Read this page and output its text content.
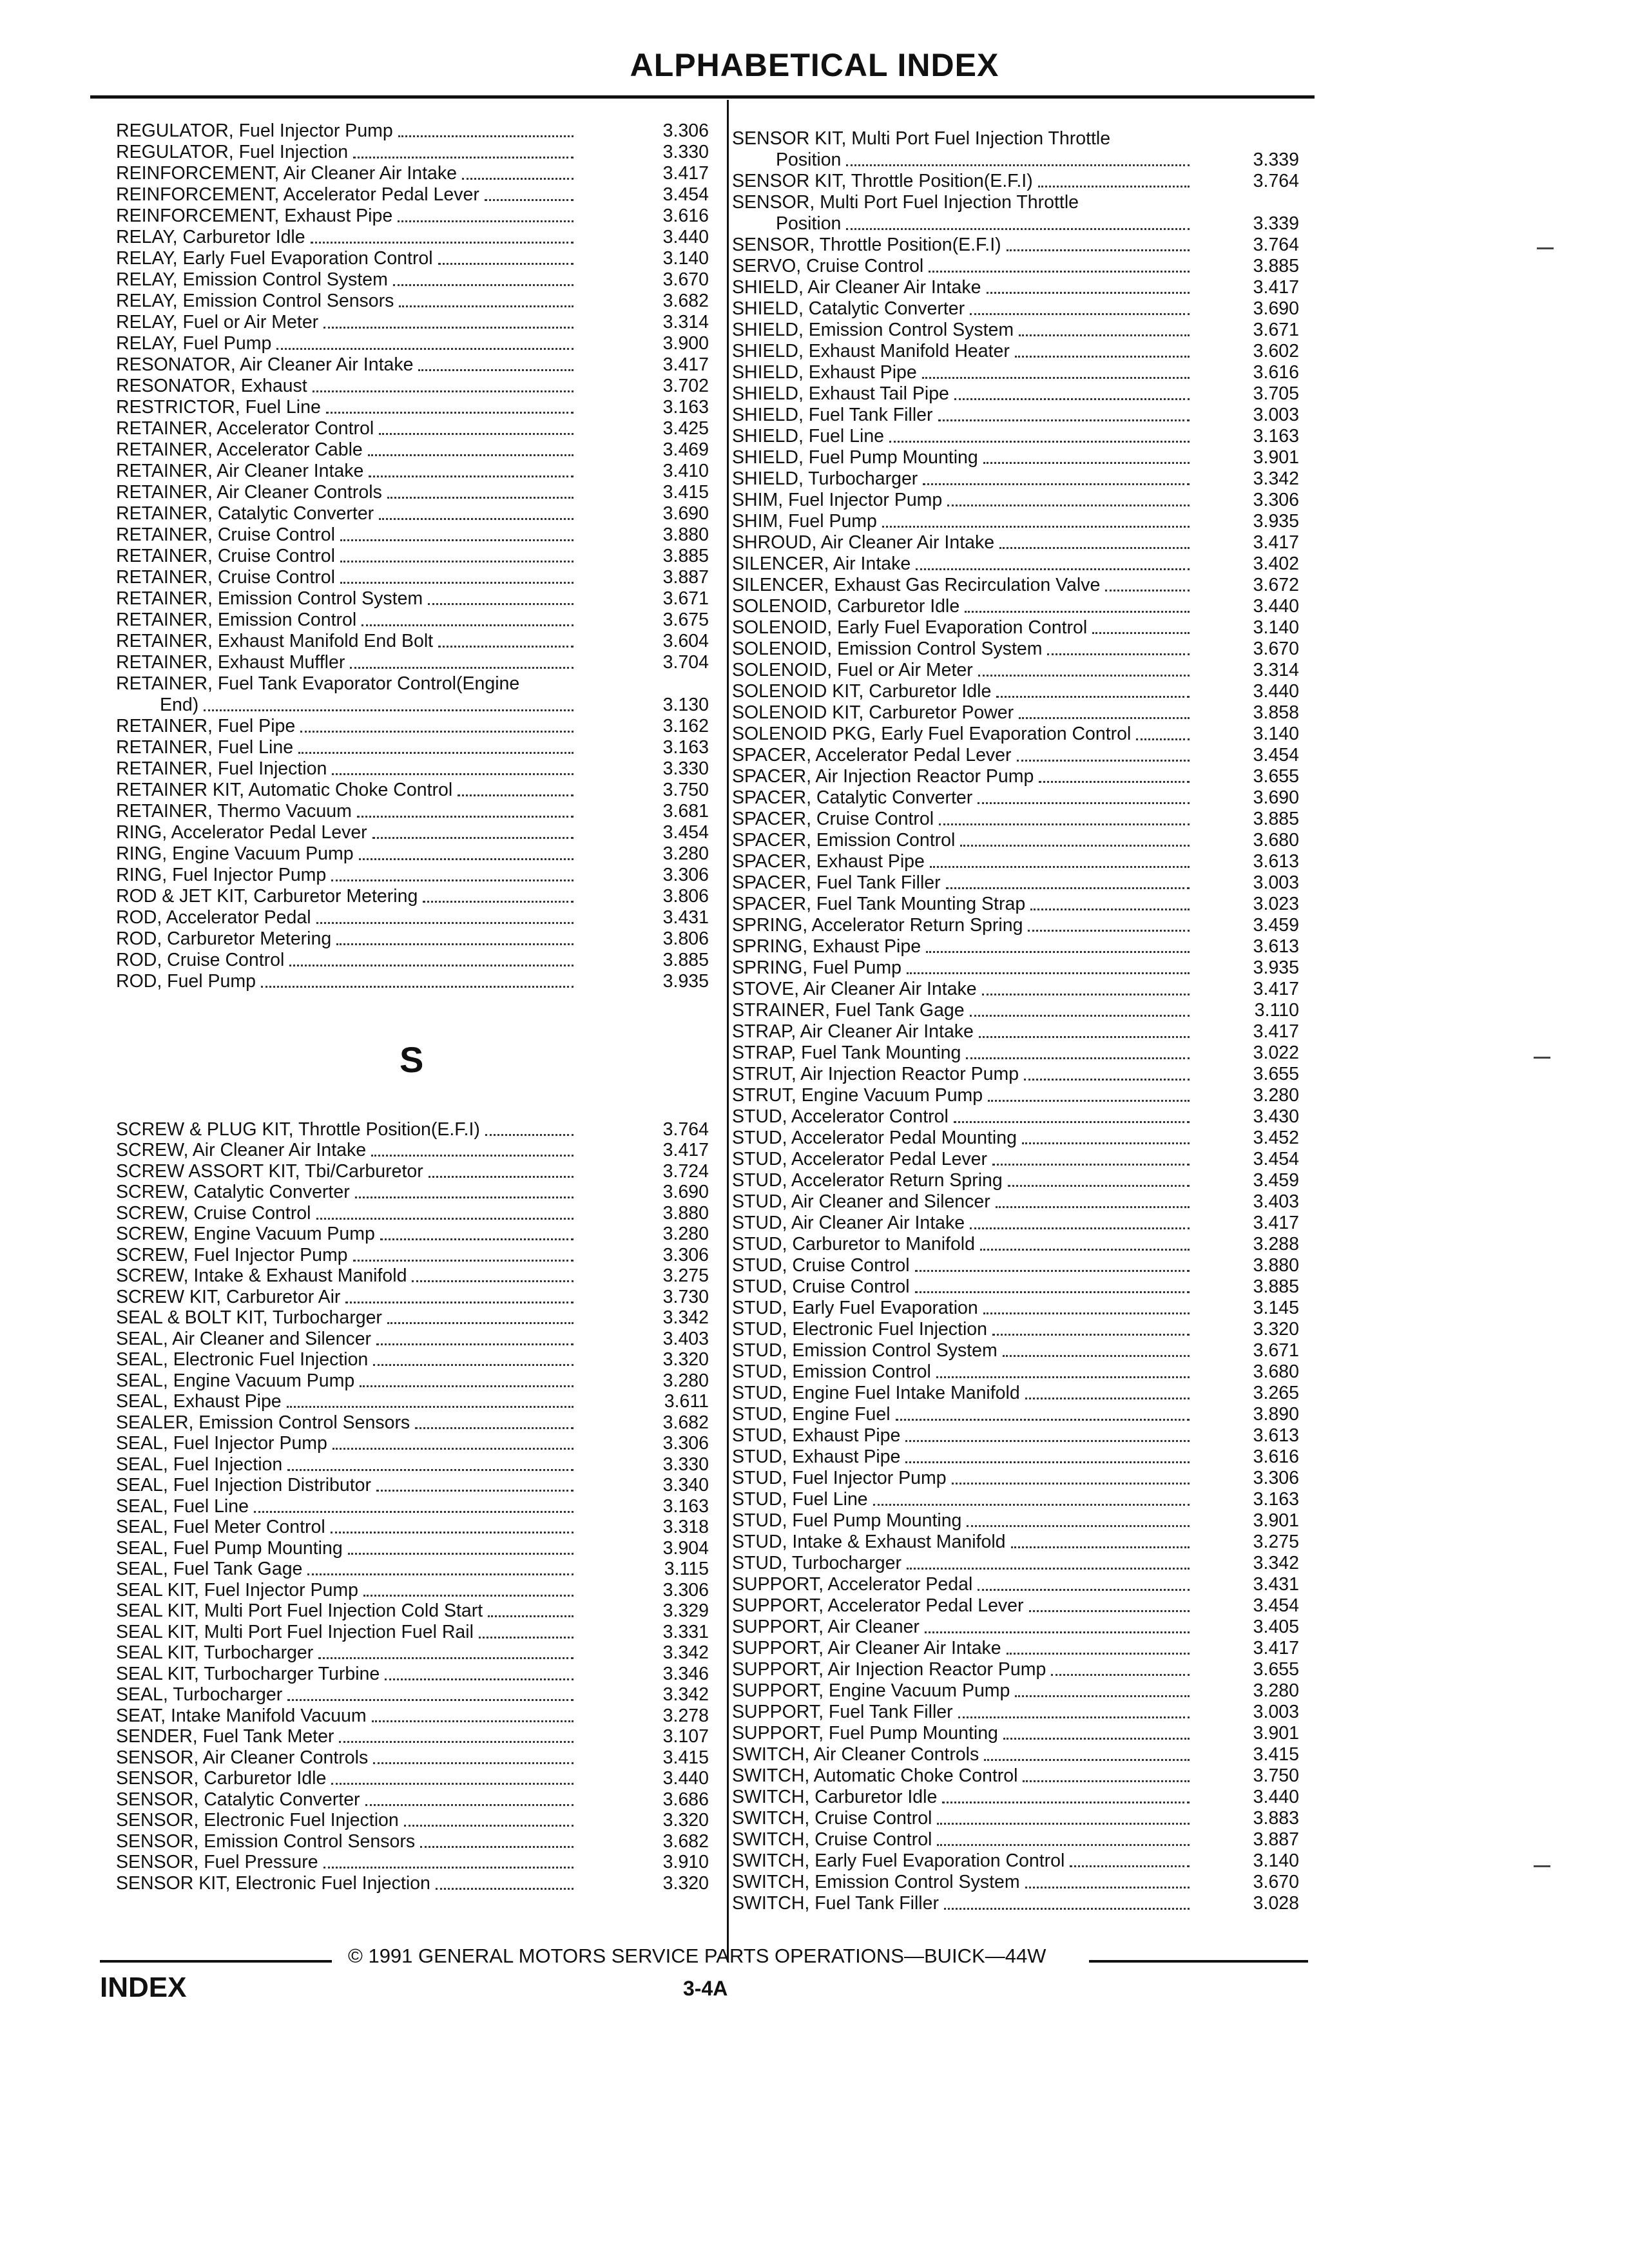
ALPHABETICAL INDEX
REGULATOR, Fuel Injector Pump	3.306
REGULATOR, Fuel Injection	3.330
REINFORCEMENT, Air Cleaner Air Intake	3.417
REINFORCEMENT, Accelerator Pedal Lever	3.454
REINFORCEMENT, Exhaust Pipe	3.616
RELAY, Carburetor Idle	3.440
RELAY, Early Fuel Evaporation Control	3.140
RELAY, Emission Control System	3.670
RELAY, Emission Control Sensors	3.682
RELAY, Fuel or Air Meter	3.314
RELAY, Fuel Pump	3.900
RESONATOR, Air Cleaner Air Intake	3.417
RESONATOR, Exhaust	3.702
RESTRICTOR, Fuel Line	3.163
RETAINER, Accelerator Control	3.425
RETAINER, Accelerator Cable	3.469
RETAINER, Air Cleaner Intake	3.410
RETAINER, Air Cleaner Controls	3.415
RETAINER, Catalytic Converter	3.690
RETAINER, Cruise Control	3.880
RETAINER, Cruise Control	3.885
RETAINER, Cruise Control	3.887
RETAINER, Emission Control System	3.671
RETAINER, Emission Control	3.675
RETAINER, Exhaust Manifold End Bolt	3.604
RETAINER, Exhaust Muffler	3.704
RETAINER, Fuel Tank Evaporator Control(Engine
End)	3.130
RETAINER, Fuel Pipe	3.162
RETAINER, Fuel Line	3.163
RETAINER, Fuel Injection	3.330
RETAINER KIT, Automatic Choke Control	3.750
RETAINER, Thermo Vacuum	3.681
RING, Accelerator Pedal Lever	3.454
RING, Engine Vacuum Pump	3.280
RING, Fuel Injector Pump	3.306
ROD & JET KIT, Carburetor Metering	3.806
ROD, Accelerator Pedal	3.431
ROD, Carburetor Metering	3.806
ROD, Cruise Control	3.885
ROD, Fuel Pump	3.935
S
SCREW & PLUG KIT, Throttle Position(E.F.I)	3.764
SCREW, Air Cleaner Air Intake	3.417
SCREW ASSORT KIT, Tbi/Carburetor	3.724
SCREW, Catalytic Converter	3.690
SCREW, Cruise Control	3.880
SCREW, Engine Vacuum Pump	3.280
SCREW, Fuel Injector Pump	3.306
SCREW, Intake & Exhaust Manifold	3.275
SCREW KIT, Carburetor Air	3.730
SEAL & BOLT KIT, Turbocharger	3.342
SEAL, Air Cleaner and Silencer	3.403
SEAL, Electronic Fuel Injection	3.320
SEAL, Engine Vacuum Pump	3.280
SEAL, Exhaust Pipe	3.611
SEALER, Emission Control Sensors	3.682
SEAL, Fuel Injector Pump	3.306
SEAL, Fuel Injection	3.330
SEAL, Fuel Injection Distributor	3.340
SEAL, Fuel Line	3.163
SEAL, Fuel Meter Control	3.318
SEAL, Fuel Pump Mounting	3.904
SEAL, Fuel Tank Gage	3.115
SEAL KIT, Fuel Injector Pump	3.306
SEAL KIT, Multi Port Fuel Injection Cold Start	3.329
SEAL KIT, Multi Port Fuel Injection Fuel Rail	3.331
SEAL KIT, Turbocharger	3.342
SEAL KIT, Turbocharger Turbine	3.346
SEAL, Turbocharger	3.342
SEAT, Intake Manifold Vacuum	3.278
SENDER, Fuel Tank Meter	3.107
SENSOR, Air Cleaner Controls	3.415
SENSOR, Carburetor Idle	3.440
SENSOR, Catalytic Converter	3.686
SENSOR, Electronic Fuel Injection	3.320
SENSOR, Emission Control Sensors	3.682
SENSOR, Fuel Pressure	3.910
SENSOR KIT, Electronic Fuel Injection	3.320
SENSOR KIT, Multi Port Fuel Injection Throttle
Position	3.339
SENSOR KIT, Throttle Position(E.F.I)	3.764
SENSOR, Multi Port Fuel Injection Throttle
Position	3.339
SENSOR, Throttle Position(E.F.I)	3.764
SERVO, Cruise Control	3.885
SHIELD, Air Cleaner Air Intake	3.417
SHIELD, Catalytic Converter	3.690
SHIELD, Emission Control System	3.671
SHIELD, Exhaust Manifold Heater	3.602
SHIELD, Exhaust Pipe	3.616
SHIELD, Exhaust Tail Pipe	3.705
SHIELD, Fuel Tank Filler	3.003
SHIELD, Fuel Line	3.163
SHIELD, Fuel Pump Mounting	3.901
SHIELD, Turbocharger	3.342
SHIM, Fuel Injector Pump	3.306
SHIM, Fuel Pump	3.935
SHROUD, Air Cleaner Air Intake	3.417
SILENCER, Air Intake	3.402
SILENCER, Exhaust Gas Recirculation Valve	3.672
SOLENOID, Carburetor Idle	3.440
SOLENOID, Early Fuel Evaporation Control	3.140
SOLENOID, Emission Control System	3.670
SOLENOID, Fuel or Air Meter	3.314
SOLENOID KIT, Carburetor Idle	3.440
SOLENOID KIT, Carburetor Power	3.858
SOLENOID PKG, Early Fuel Evaporation Control	3.140
SPACER, Accelerator Pedal Lever	3.454
SPACER, Air Injection Reactor Pump	3.655
SPACER, Catalytic Converter	3.690
SPACER, Cruise Control	3.885
SPACER, Emission Control	3.680
SPACER, Exhaust Pipe	3.613
SPACER, Fuel Tank Filler	3.003
SPACER, Fuel Tank Mounting Strap	3.023
SPRING, Accelerator Return Spring	3.459
SPRING, Exhaust Pipe	3.613
SPRING, Fuel Pump	3.935
STOVE, Air Cleaner Air Intake	3.417
STRAINER, Fuel Tank Gage	3.110
STRAP, Air Cleaner Air Intake	3.417
STRAP, Fuel Tank Mounting	3.022
STRUT, Air Injection Reactor Pump	3.655
STRUT, Engine Vacuum Pump	3.280
STUD, Accelerator Control	3.430
STUD, Accelerator Pedal Mounting	3.452
STUD, Accelerator Pedal Lever	3.454
STUD, Accelerator Return Spring	3.459
STUD, Air Cleaner and Silencer	3.403
STUD, Air Cleaner Air Intake	3.417
STUD, Carburetor to Manifold	3.288
STUD, Cruise Control	3.880
STUD, Cruise Control	3.885
STUD, Early Fuel Evaporation	3.145
STUD, Electronic Fuel Injection	3.320
STUD, Emission Control System	3.671
STUD, Emission Control	3.680
STUD, Engine Fuel Intake Manifold	3.265
STUD, Engine Fuel	3.890
STUD, Exhaust Pipe	3.613
STUD, Exhaust Pipe	3.616
STUD, Fuel Injector Pump	3.306
STUD, Fuel Line	3.163
STUD, Fuel Pump Mounting	3.901
STUD, Intake & Exhaust Manifold	3.275
STUD, Turbocharger	3.342
SUPPORT, Accelerator Pedal	3.431
SUPPORT, Accelerator Pedal Lever	3.454
SUPPORT, Air Cleaner	3.405
SUPPORT, Air Cleaner Air Intake	3.417
SUPPORT, Air Injection Reactor Pump	3.655
SUPPORT, Engine Vacuum Pump	3.280
SUPPORT, Fuel Tank Filler	3.003
SUPPORT, Fuel Pump Mounting	3.901
SWITCH, Air Cleaner Controls	3.415
SWITCH, Automatic Choke Control	3.750
SWITCH, Carburetor Idle	3.440
SWITCH, Cruise Control	3.883
SWITCH, Cruise Control	3.887
SWITCH, Early Fuel Evaporation Control	3.140
SWITCH, Emission Control System	3.670
SWITCH, Fuel Tank Filler	3.028
© 1991 GENERAL MOTORS SERVICE PARTS OPERATIONS—BUICK—44W
INDEX	3-4A
